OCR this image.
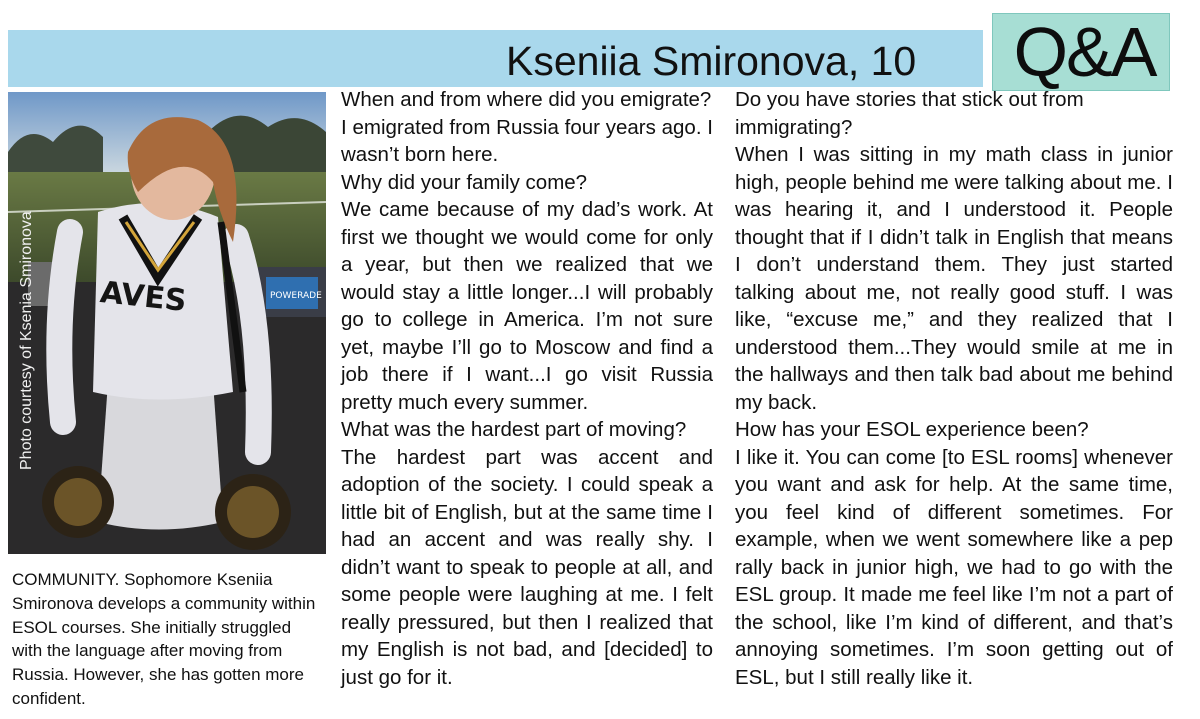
Kseniia Smironova, 10 Q&A
POWERADE
AVES
Photo courtesy of Ksenia Smironova
COMMUNITY. Sophomore Kseniia Smironova develops a community within ESOL courses. She initially struggled with the language after moving from Russia. However, she has gotten more confident.

When and from where did you emigrate?

I emigrated from Russia four years ago. I wasn’t born here.

Why did your family come?

We came because of my dad’s work. At first we thought we would come for only a year, but then we realized that we would stay a little longer...I will probably go to college in America. I’m not sure yet, maybe I’ll go to Moscow and find a job there if I want...I go visit Russia pretty much every summer.

What was the hardest part of moving?

The hardest part was accent and adoption of the society. I could speak a little bit of English, but at the same time I had an accent and was really shy. I didn’t want to speak to people at all, and some people were laughing at me. I felt really pressured, but then I realized that my English is not bad, and [decided] to just go for it.

Do you have stories that stick out from immigrating?

When I was sitting in my math class in junior high, people behind me were talking about me. I was hearing it, and I understood it. People thought that if I didn’t talk in English that means I don’t understand them. They just started talking about me, not really good stuff. I was like, “excuse me,” and they realized that I understood them...They would smile at me in the hallways and then talk bad about me behind my back.

How has your ESOL experience been?

I like it. You can come [to ESL rooms] whenever you want and ask for help. At the same time, you feel kind of different sometimes. For example, when we went somewhere like a pep rally back in junior high, we had to go with the ESL group. It made me feel like I’m not a part of the school, like I’m kind of different, and that’s annoying sometimes. I’m soon getting out of ESL, but I still really like it.
